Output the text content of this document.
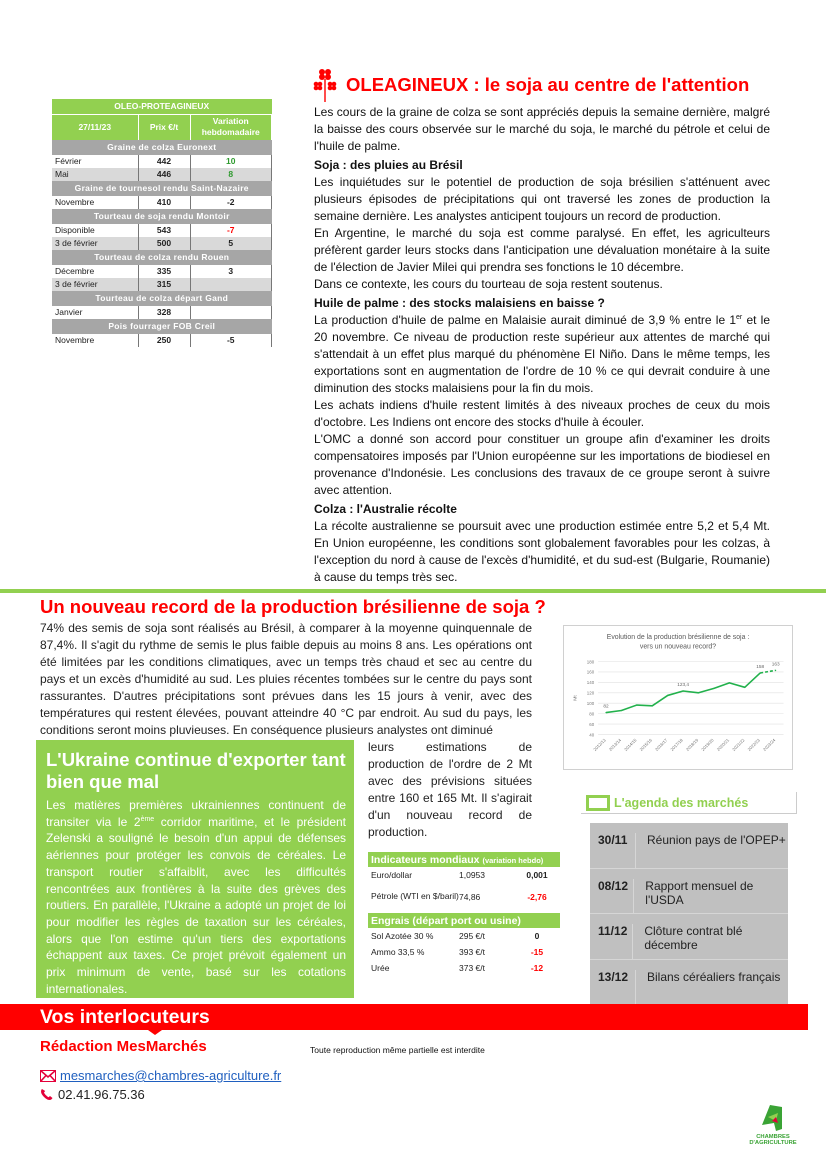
OLEO-PROTEAGINEUX		
27/11/23	Prix €/t	Variation hebdomadaire
Graine de colza Euronext		
Février	442	10
Mai	446	8
Graine de tournesol rendu Saint-Nazaire		
Novembre	410	-2
Tourteau de soja rendu Montoir		
Disponible	543	-7
3 de février	500	5
Tourteau de colza rendu Rouen		
Décembre	335	3
3 de février	315	
Tourteau de colza départ Gand		
Janvier	328	
Pois fourrager FOB Creil		
Novembre	250	-5
OLEAGINEUX : le soja au centre de l'attention

Les cours de la graine de colza se sont appréciés depuis la semaine dernière, malgré la baisse des cours observée sur le marché du soja, le marché du pétrole et celui de l'huile de palme.

Soja : des pluies au Brésil

Les inquiétudes sur le potentiel de production de soja brésilien s'atténuent avec plusieurs épisodes de précipitations qui ont traversé les zones de production la semaine dernière. Les analystes anticipent toujours un record de production.

En Argentine, le marché du soja est comme paralysé. En effet, les agriculteurs préfèrent garder leurs stocks dans l'anticipation une dévaluation monétaire à la suite de l'élection de Javier Milei qui prendra ses fonctions le 10 décembre.

Dans ce contexte, les cours du tourteau de soja restent soutenus.

Huile de palme : des stocks malaisiens en baisse ?

La production d'huile de palme en Malaisie aurait diminué de 3,9 % entre le 1er et le 20 novembre. Ce niveau de production reste supérieur aux attentes de marché qui s'attendait à un effet plus marqué du phénomène El Niño. Dans le même temps, les exportations sont en augmentation de l'ordre de 10 % ce qui devrait conduire à une diminution des stocks malaisiens pour la fin du mois.

Les achats indiens d'huile restent limités à des niveaux proches de ceux du mois d'octobre. Les Indiens ont encore des stocks d'huile à écouler.

L'OMC a donné son accord pour constituer un groupe afin d'examiner les droits compensatoires imposés par l'Union européenne sur les importations de biodiesel en provenance d'Indonésie. Les conclusions des travaux de ce groupe seront à suivre avec attention.

Colza : l'Australie récolte

La récolte australienne se poursuit avec une production estimée entre 5,2 et 5,4 Mt. En Union européenne, les conditions sont globalement favorables pour les colzas, à l'exception du nord à cause de l'excès d'humidité, et du sud-est (Bulgarie, Roumanie) à cause du temps très sec.

Un nouveau record de la production brésilienne de soja ?
74% des semis de soja sont réalisés au Brésil, à comparer à la moyenne quinquennale de 87,4%. Il s'agit du rythme de semis le plus faible depuis au moins 8 ans. Les opérations ont été limitées par les conditions climatiques, avec un temps très chaud et sec au centre du pays et un excès d'humidité au sud. Les pluies récentes tombées sur le centre du pays sont rassurantes. D'autres précipitations sont prévues dans les 15 jours à venir, avec des températures qui restent élevées, pouvant atteindre 40 °C par endroit. Au sud du pays, les conditions seront moins pluvieuses. En conséquence plusieurs analystes ont diminué
leurs estimations de production de l'ordre de 2 Mt avec des prévisions situées entre 160 et 165 Mt. Il s'agirait d'un nouveau record de production.
Evolution de la production brésilienne de soja :
vers un nouveau record?
40
60
80
100
120
140
160
180
Mt
2012/13 2013/14 2014/15 2015/16 2016/17 2017/18 2018/19 2019/20 2020/21 2021/22 2022/23 2023/24
82
123,4
158
163
L'Ukraine continue d'exporter tant bien que mal

Les matières premières ukrainiennes continuent de transiter via le 2ème corridor maritime, et le président Zelenski a souligné le besoin d'un appui de défenses aériennes pour protéger les convois de céréales. Le transport routier s'affaiblit, avec les difficultés rencontrées aux frontières à la suite des grèves des routiers. En parallèle, l'Ukraine a adopté un projet de loi pour modifier les règles de taxation sur les céréales, alors que l'on estime qu'un tiers des exportations échappent aux taxes. Ce projet prévoit également un prix minimum de vente, basé sur les cotations internationales.

Indicateurs mondiaux (variation hebdo)
Euro/dollar	1,0953	0,001
Pétrole (WTI en $/baril) 74,86	-2,76
Engrais (départ port ou usine)
Sol Azotée 30 %	295 €/t	0
Ammo 33,5 %	393 €/t	-15
Urée	373 €/t	-12
L'agenda des marchés
30/11	Réunion pays de l'OPEP+
08/12	Rapport mensuel de l'USDA
11/12	Clôture contrat blé décembre
13/12	Bilans céréaliers français
Vos interlocuteurs
Rédaction MesMarchés	Toute reproduction même partielle est interdite
mesmarches@chambres-agriculture.fr
02.41.96.75.36
CHAMBRES
D'AGRICULTURE
